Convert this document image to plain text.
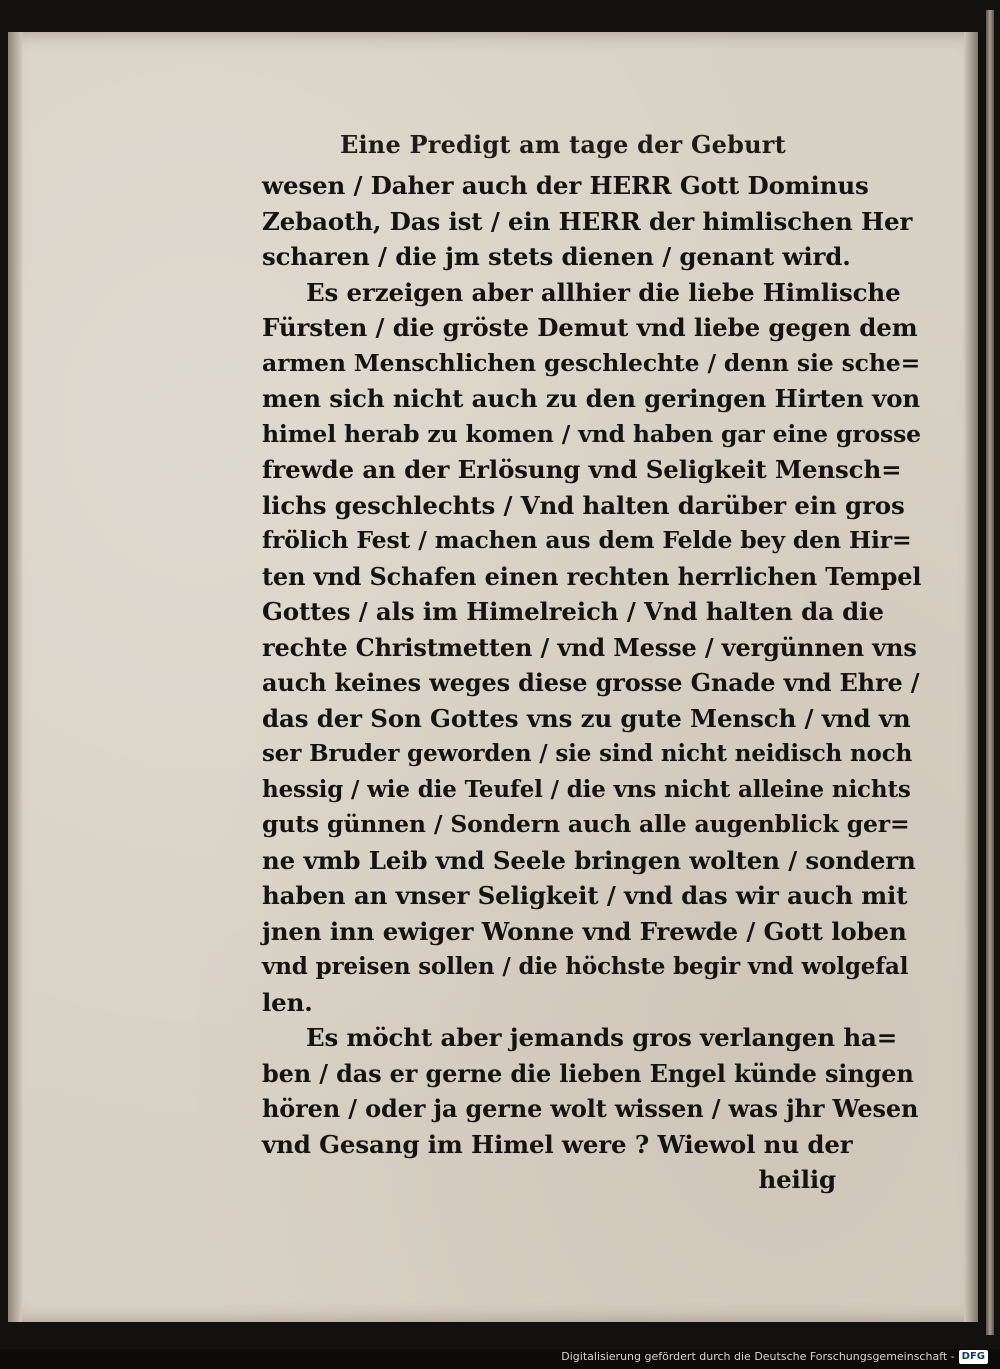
Eine Predigt am tage der Geburt
wesen / Daher auch der HERR Gott Dominus
Zebaoth, Das ist / ein HERR der himlischen Her
scharen / die jm stets dienen / genant wird.
Es erzeigen aber allhier die liebe Himlische
Fürsten / die gröste Demut vnd liebe gegen dem
armen Menschlichen geschlechte / denn sie sche=
men sich nicht auch zu den geringen Hirten von
himel herab zu komen / vnd haben gar eine grosse
frewde an der Erlösung vnd Seligkeit Mensch=
lichs geschlechts / Vnd halten darüber ein gros
frölich Fest / machen aus dem Felde bey den Hir=
ten vnd Schafen einen rechten herrlichen Tempel
Gottes / als im Himelreich / Vnd halten da die
rechte Christmetten / vnd Messe / vergünnen vns
auch keines weges diese grosse Gnade vnd Ehre /
das der Son Gottes vns zu gute Mensch / vnd vn
ser Bruder geworden / sie sind nicht neidisch noch
hessig / wie die Teufel / die vns nicht alleine nichts
guts günnen / Sondern auch alle augenblick ger=
ne vmb Leib vnd Seele bringen wolten / sondern
haben an vnser Seligkeit / vnd das wir auch mit
jnen inn ewiger Wonne vnd Frewde / Gott loben
vnd preisen sollen / die höchste begir vnd wolgefal
len.
Es möcht aber jemands gros verlangen ha=
ben / das er gerne die lieben Engel künde singen
hören / oder ja gerne wolt wissen / was jhr Wesen
vnd Gesang im Himel were ? Wiewol nu der
heilig
Digitalisierung gefördert durch die Deutsche Forschungsgemeinschaft - DFG
